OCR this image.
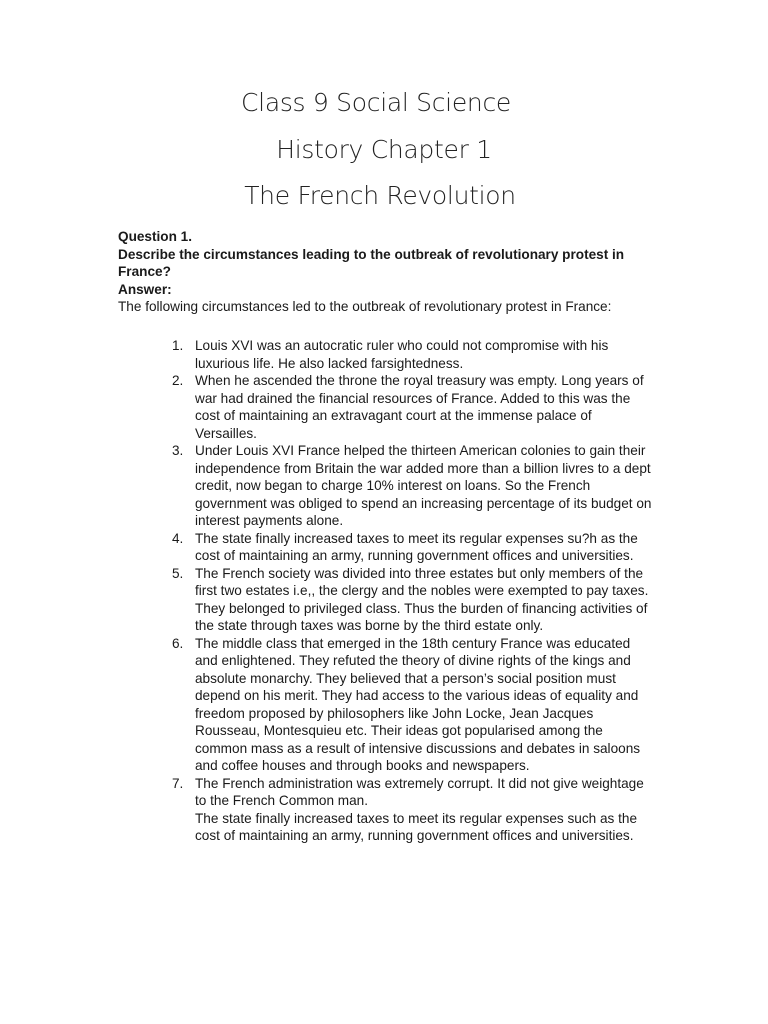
Class 9 Social Science
History Chapter 1
The French Revolution
Question 1.
Describe the circumstances leading to the outbreak of revolutionary protest in France?
Answer:
The following circumstances led to the outbreak of revolutionary protest in France:
1. Louis XVI was an autocratic ruler who could not compromise with his luxurious life. He also lacked farsightedness.
2. When he ascended the throne the royal treasury was empty. Long years of war had drained the financial resources of France. Added to this was the cost of maintaining an extravagant court at the immense palace of Versailles.
3. Under Louis XVI France helped the thirteen American colonies to gain their independence from Britain the war added more than a billion livres to a dept credit, now began to charge 10% interest on loans. So the French government was obliged to spend an increasing percentage of its budget on interest payments alone.
4. The state finally increased taxes to meet its regular expenses su?h as the cost of maintaining an army, running government offices and universities.
5. The French society was divided into three estates but only members of the first two estates i.e,, the clergy and the nobles were exempted to pay taxes. They belonged to privileged class. Thus the burden of financing activities of the state through taxes was borne by the third estate only.
6. The middle class that emerged in the 18th century France was educated and enlightened. They refuted the theory of divine rights of the kings and absolute monarchy. They believed that a person’s social position must depend on his merit. They had access to the various ideas of equality and freedom proposed by philosophers like John Locke, Jean Jacques Rousseau, Montesquieu etc. Their ideas got popularised among the common mass as a result of intensive discussions and debates in saloons and coffee houses and through books and newspapers.
7. The French administration was extremely corrupt. It did not give weightage to the French Common man.
The state finally increased taxes to meet its regular expenses such as the cost of maintaining an army, running government offices and universities.
